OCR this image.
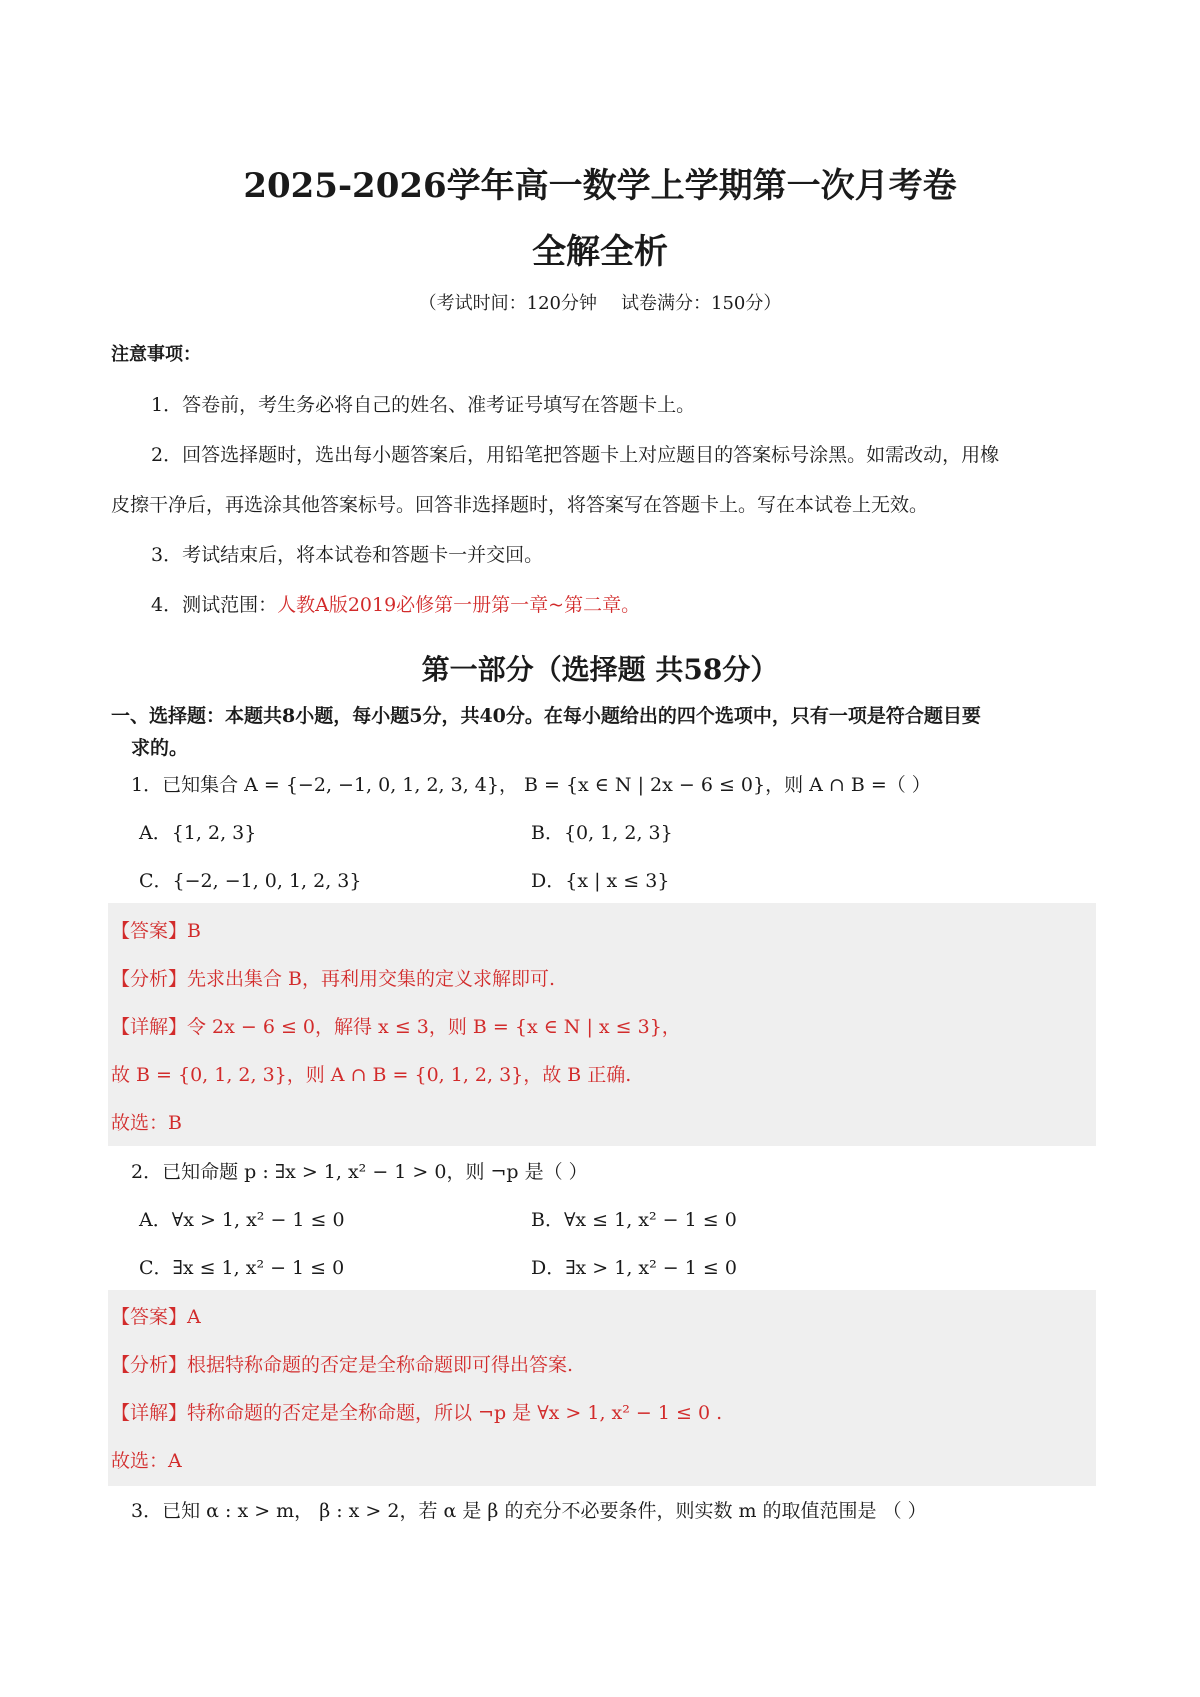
2025-2026学年高一数学上学期第一次月考卷
全解全析
（考试时间：120分钟 试卷满分：150分）
注意事项：
1．答卷前，考生务必将自己的姓名、准考证号填写在答题卡上。
2．回答选择题时，选出每小题答案后，用铅笔把答题卡上对应题目的答案标号涂黑。如需改动，用橡
皮擦干净后，再选涂其他答案标号。回答非选择题时，将答案写在答题卡上。写在本试卷上无效。
3．考试结束后，将本试卷和答题卡一并交回。
4．测试范围：人教A版2019必修第一册第一章~第二章。
第一部分（选择题 共58分）
一、选择题：本题共8小题，每小题5分，共40分。在每小题给出的四个选项中，只有一项是符合题目要
求的。
1．已知集合 A = {−2, −1, 0, 1, 2, 3, 4}， B = {x ∈ N | 2x − 6 ≤ 0}，则 A ∩ B =（ ）
A．{1, 2, 3}	B．{0, 1, 2, 3}
C．{−2, −1, 0, 1, 2, 3}	D．{x | x ≤ 3}
【答案】B
【分析】先求出集合 B，再利用交集的定义求解即可.
【详解】令 2x − 6 ≤ 0，解得 x ≤ 3，则 B = {x ∈ N | x ≤ 3}，
故 B = {0, 1, 2, 3}，则 A ∩ B = {0, 1, 2, 3}，故 B 正确.
故选：B
2．已知命题 p : ∃x > 1, x² − 1 > 0，则 ¬p 是（ ）
A．∀x > 1, x² − 1 ≤ 0	B．∀x ≤ 1, x² − 1 ≤ 0
C．∃x ≤ 1, x² − 1 ≤ 0	D．∃x > 1, x² − 1 ≤ 0
【答案】A
【分析】根据特称命题的否定是全称命题即可得出答案.
【详解】特称命题的否定是全称命题，所以 ¬p 是 ∀x > 1, x² − 1 ≤ 0 .
故选：A
3．已知 α : x > m， β : x > 2，若 α 是 β 的充分不必要条件，则实数 m 的取值范围是 （ ）
